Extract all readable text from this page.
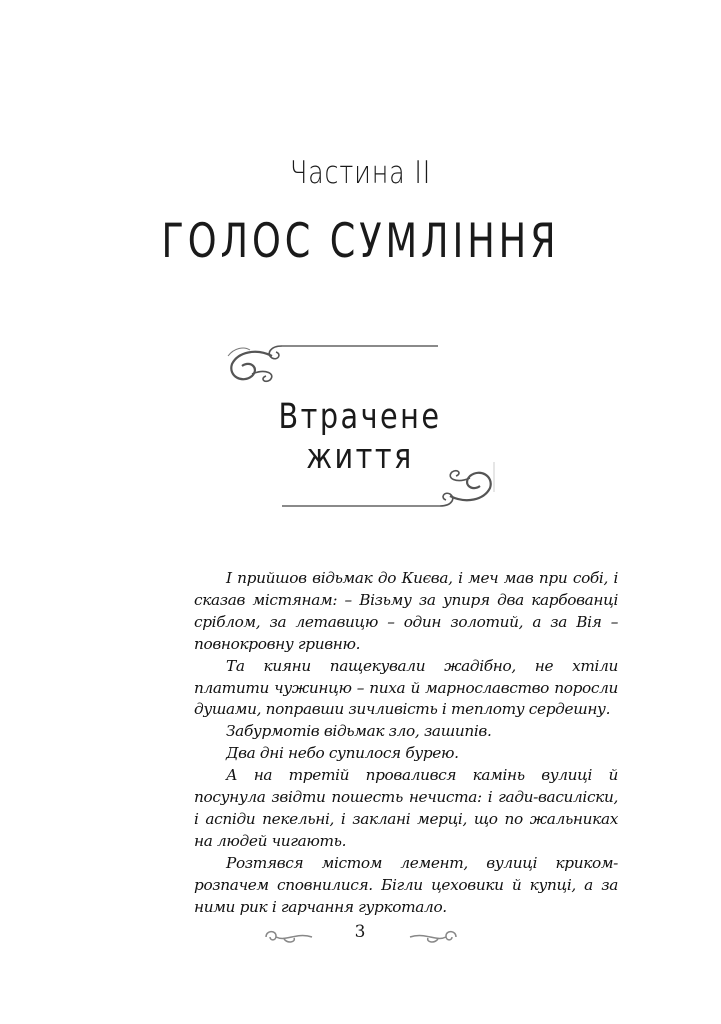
Частина ІІ
ГОЛОС СУМЛІННЯ
Втрачене життя

І прийшов відьмак до Києва, і меч мав при собі, і сказав містянам: – Візьму за упиря два карбованці сріблом, за летавицю – один золотий, а за Вія – повнокровну гривню.

Та кияни пащекували жадібно, не хтіли платити чужинцю – пиха й марнославство поросли душами, поправши зичливість і теплоту сердешну.

Забурмотів відьмак зло, зашипів.

Два дні небо супилося бурею.

А на третій провалився камінь вулиці й посунула звідти пошесть нечиста: і гади-василіски, і аспіди пекельні, і заклані мерці, що по жальниках на людей чигають.

Розтявся містом лемент, вулиці криком-розпачем сповнилися. Бігли цеховики й купці, а за ними рик і гарчання гуркотало.

3
